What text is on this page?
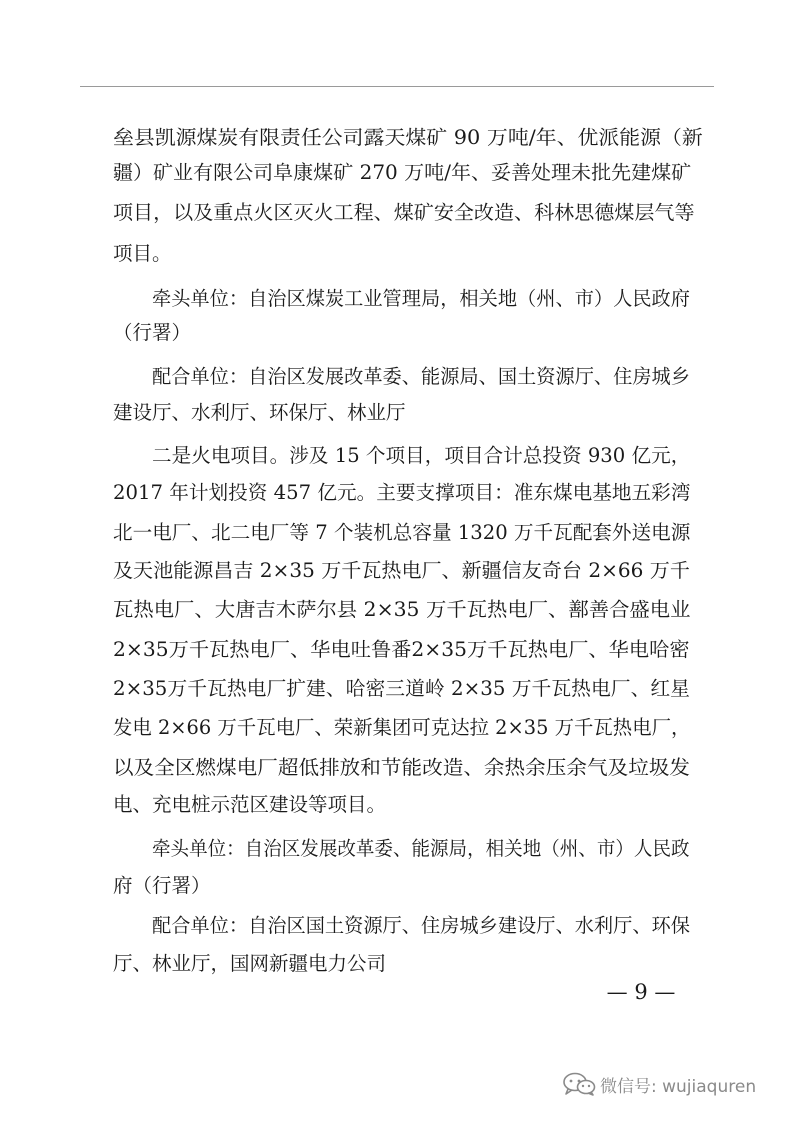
垒县凯源煤炭有限责任公司露天煤矿 90 万吨/年、优派能源（新
疆）矿业有限公司阜康煤矿 270 万吨/年、妥善处理未批先建煤矿
项目，以及重点火区灭火工程、煤矿安全改造、科林思德煤层气等
项目。
牵头单位：自治区煤炭工业管理局，相关地（州、市）人民政府
（行署）
配合单位：自治区发展改革委、能源局、国土资源厅、住房城乡
建设厅、水利厅、环保厅、林业厅
二是火电项目。涉及 15 个项目，项目合计总投资 930 亿元，
2017 年计划投资 457 亿元。主要支撑项目：准东煤电基地五彩湾
北一电厂、北二电厂等 7 个装机总容量 1320 万千瓦配套外送电源
及天池能源昌吉 2×35 万千瓦热电厂、新疆信友奇台 2×66 万千
瓦热电厂、大唐吉木萨尔县 2×35 万千瓦热电厂、鄯善合盛电业
2×35万千瓦热电厂、华电吐鲁番2×35万千瓦热电厂、华电哈密
2×35万千瓦热电厂扩建、哈密三道岭 2×35 万千瓦热电厂、红星
发电 2×66 万千瓦电厂、荣新集团可克达拉 2×35 万千瓦热电厂，
以及全区燃煤电厂超低排放和节能改造、余热余压余气及垃圾发
电、充电桩示范区建设等项目。
牵头单位：自治区发展改革委、能源局，相关地（州、市）人民政
府（行署）
配合单位：自治区国土资源厅、住房城乡建设厅、水利厅、环保
厅、林业厅，国网新疆电力公司
— 9 —
微信号: wujiaquren
